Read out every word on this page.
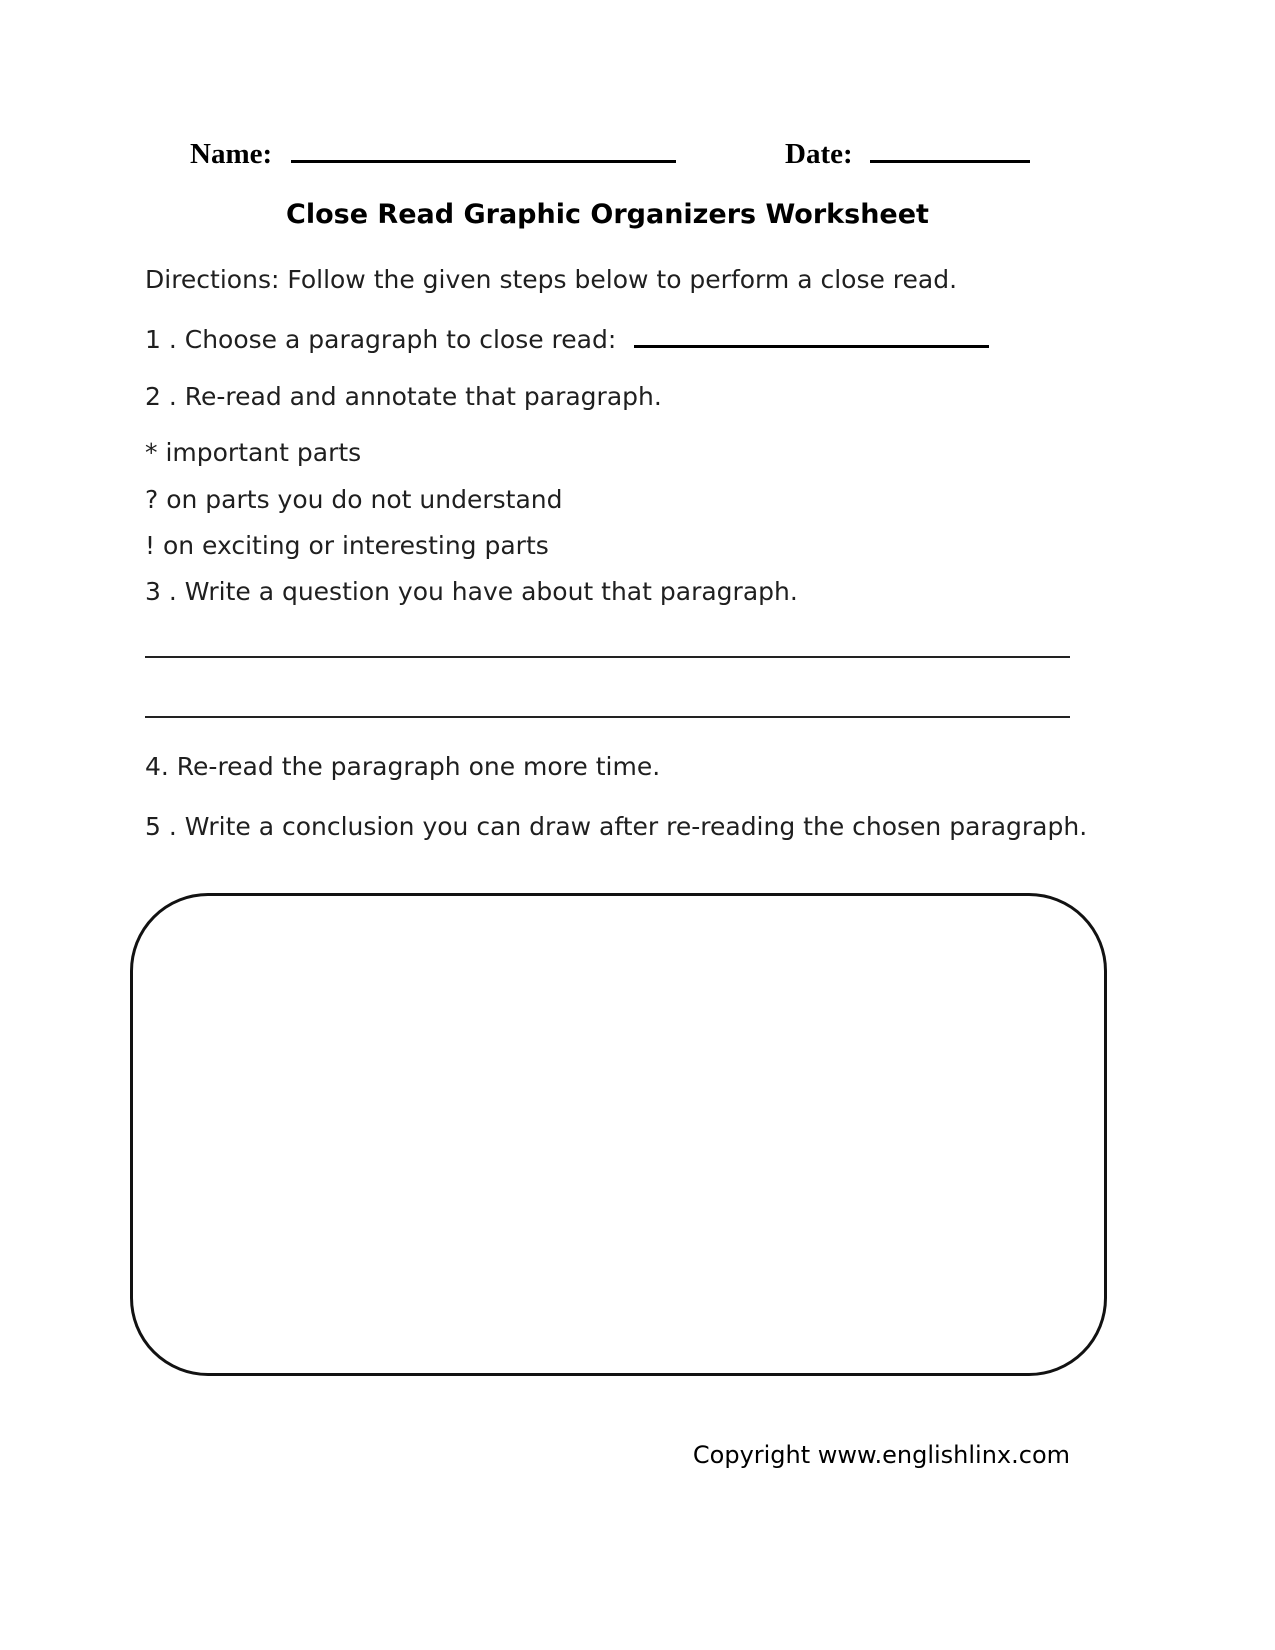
Name:	Date:
Close Read Graphic Organizers Worksheet

Directions: Follow the given steps below to perform a close read.

1 . Choose a paragraph to close read:

2 . Re-read and annotate that paragraph.

* important parts

? on parts you do not understand

! on exciting or interesting parts

3 . Write a question you have about that paragraph.

4. Re-read the paragraph one more time.

5 . Write a conclusion you can draw after re-reading the chosen paragraph.

Copyright www.englishlinx.com
